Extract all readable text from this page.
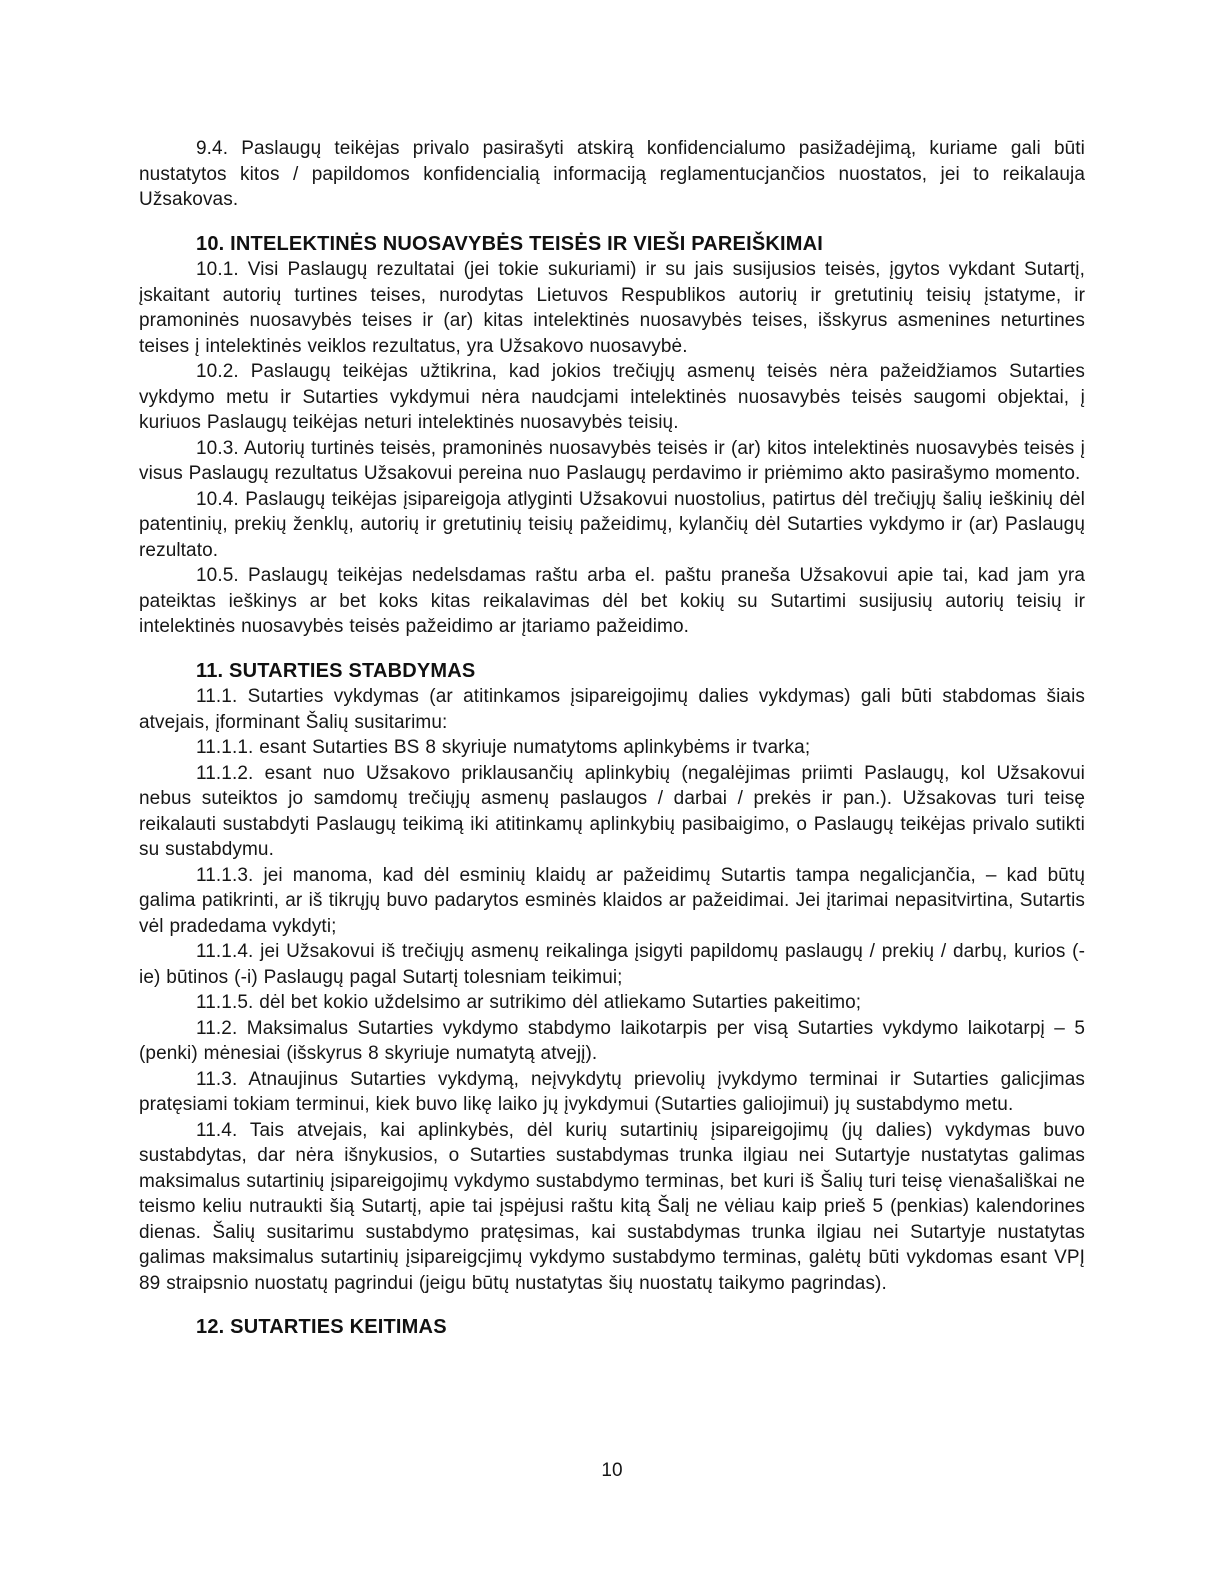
9.4. Paslaugų teikėjas privalo pasirašyti atskirą konfidencialumo pasižadėjimą, kuriame gali būti nustatytos kitos / papildomos konfidencialią informaciją reglamentucjančios nuostatos, jei to reikalauja Užsakovas.

10. INTELEKTINĖS NUOSAVYBĖS TEISĖS IR VIEŠI PAREIŠKIMAI

10.1. Visi Paslaugų rezultatai (jei tokie sukuriami) ir su jais susijusios teisės, įgytos vykdant Sutartį, įskaitant autorių turtines teises, nurodytas Lietuvos Respublikos autorių ir gretutinių teisių įstatyme, ir pramoninės nuosavybės teises ir (ar) kitas intelektinės nuosavybės teises, išskyrus asmenines neturtines teises į intelektinės veiklos rezultatus, yra Užsakovo nuosavybė.

10.2. Paslaugų teikėjas užtikrina, kad jokios trečiųjų asmenų teisės nėra pažeidžiamos Sutarties vykdymo metu ir Sutarties vykdymui nėra naudcjami intelektinės nuosavybės teisės saugomi objektai, į kuriuos Paslaugų teikėjas neturi intelektinės nuosavybės teisių.

10.3. Autorių turtinės teisės, pramoninės nuosavybės teisės ir (ar) kitos intelektinės nuosavybės teisės į visus Paslaugų rezultatus Užsakovui pereina nuo Paslaugų perdavimo ir priėmimo akto pasirašymo momento.

10.4. Paslaugų teikėjas įsipareigoja atlyginti Užsakovui nuostolius, patirtus dėl trečiųjų šalių ieškinių dėl patentinių, prekių ženklų, autorių ir gretutinių teisių pažeidimų, kylančių dėl Sutarties vykdymo ir (ar) Paslaugų rezultato.

10.5. Paslaugų teikėjas nedelsdamas raštu arba el. paštu praneša Užsakovui apie tai, kad jam yra pateiktas ieškinys ar bet koks kitas reikalavimas dėl bet kokių su Sutartimi susijusių autorių teisių ir intelektinės nuosavybės teisės pažeidimo ar įtariamo pažeidimo.

11. SUTARTIES STABDYMAS

11.1. Sutarties vykdymas (ar atitinkamos įsipareigojimų dalies vykdymas) gali būti stabdomas šiais atvejais, įforminant Šalių susitarimu:

11.1.1. esant Sutarties BS 8 skyriuje numatytoms aplinkybėms ir tvarka;

11.1.2. esant nuo Užsakovo priklausančių aplinkybių (negalėjimas priimti Paslaugų, kol Užsakovui nebus suteiktos jo samdomų trečiųjų asmenų paslaugos / darbai / prekės ir pan.). Užsakovas turi teisę reikalauti sustabdyti Paslaugų teikimą iki atitinkamų aplinkybių pasibaigimo, o Paslaugų teikėjas privalo sutikti su sustabdymu.

11.1.3. jei manoma, kad dėl esminių klaidų ar pažeidimų Sutartis tampa negalicjančia, – kad būtų galima patikrinti, ar iš tikrųjų buvo padarytos esminės klaidos ar pažeidimai. Jei įtarimai nepasitvirtina, Sutartis vėl pradedama vykdyti;

11.1.4. jei Užsakovui iš trečiųjų asmenų reikalinga įsigyti papildomų paslaugų / prekių / darbų, kurios (-ie) būtinos (-i) Paslaugų pagal Sutartį tolesniam teikimui;

11.1.5. dėl bet kokio uždelsimo ar sutrikimo dėl atliekamo Sutarties pakeitimo;

11.2. Maksimalus Sutarties vykdymo stabdymo laikotarpis per visą Sutarties vykdymo laikotarpį – 5 (penki) mėnesiai (išskyrus 8 skyriuje numatytą atvejį).

11.3. Atnaujinus Sutarties vykdymą, neįvykdytų prievolių įvykdymo terminai ir Sutarties galicjimas pratęsiami tokiam terminui, kiek buvo likę laiko jų įvykdymui (Sutarties galiojimui) jų sustabdymo metu.

11.4. Tais atvejais, kai aplinkybės, dėl kurių sutartinių įsipareigojimų (jų dalies) vykdymas buvo sustabdytas, dar nėra išnykusios, o Sutarties sustabdymas trunka ilgiau nei Sutartyje nustatytas galimas maksimalus sutartinių įsipareigojimų vykdymo sustabdymo terminas, bet kuri iš Šalių turi teisę vienašališkai ne teismo keliu nutraukti šią Sutartį, apie tai įspėjusi raštu kitą Šalį ne vėliau kaip prieš 5 (penkias) kalendorines dienas. Šalių susitarimu sustabdymo pratęsimas, kai sustabdymas trunka ilgiau nei Sutartyje nustatytas galimas maksimalus sutartinių įsipareigcjimų vykdymo sustabdymo terminas, galėtų būti vykdomas esant VPĮ 89 straipsnio nuostatų pagrindui (jeigu būtų nustatytas šių nuostatų taikymo pagrindas).

12. SUTARTIES KEITIMAS
10
